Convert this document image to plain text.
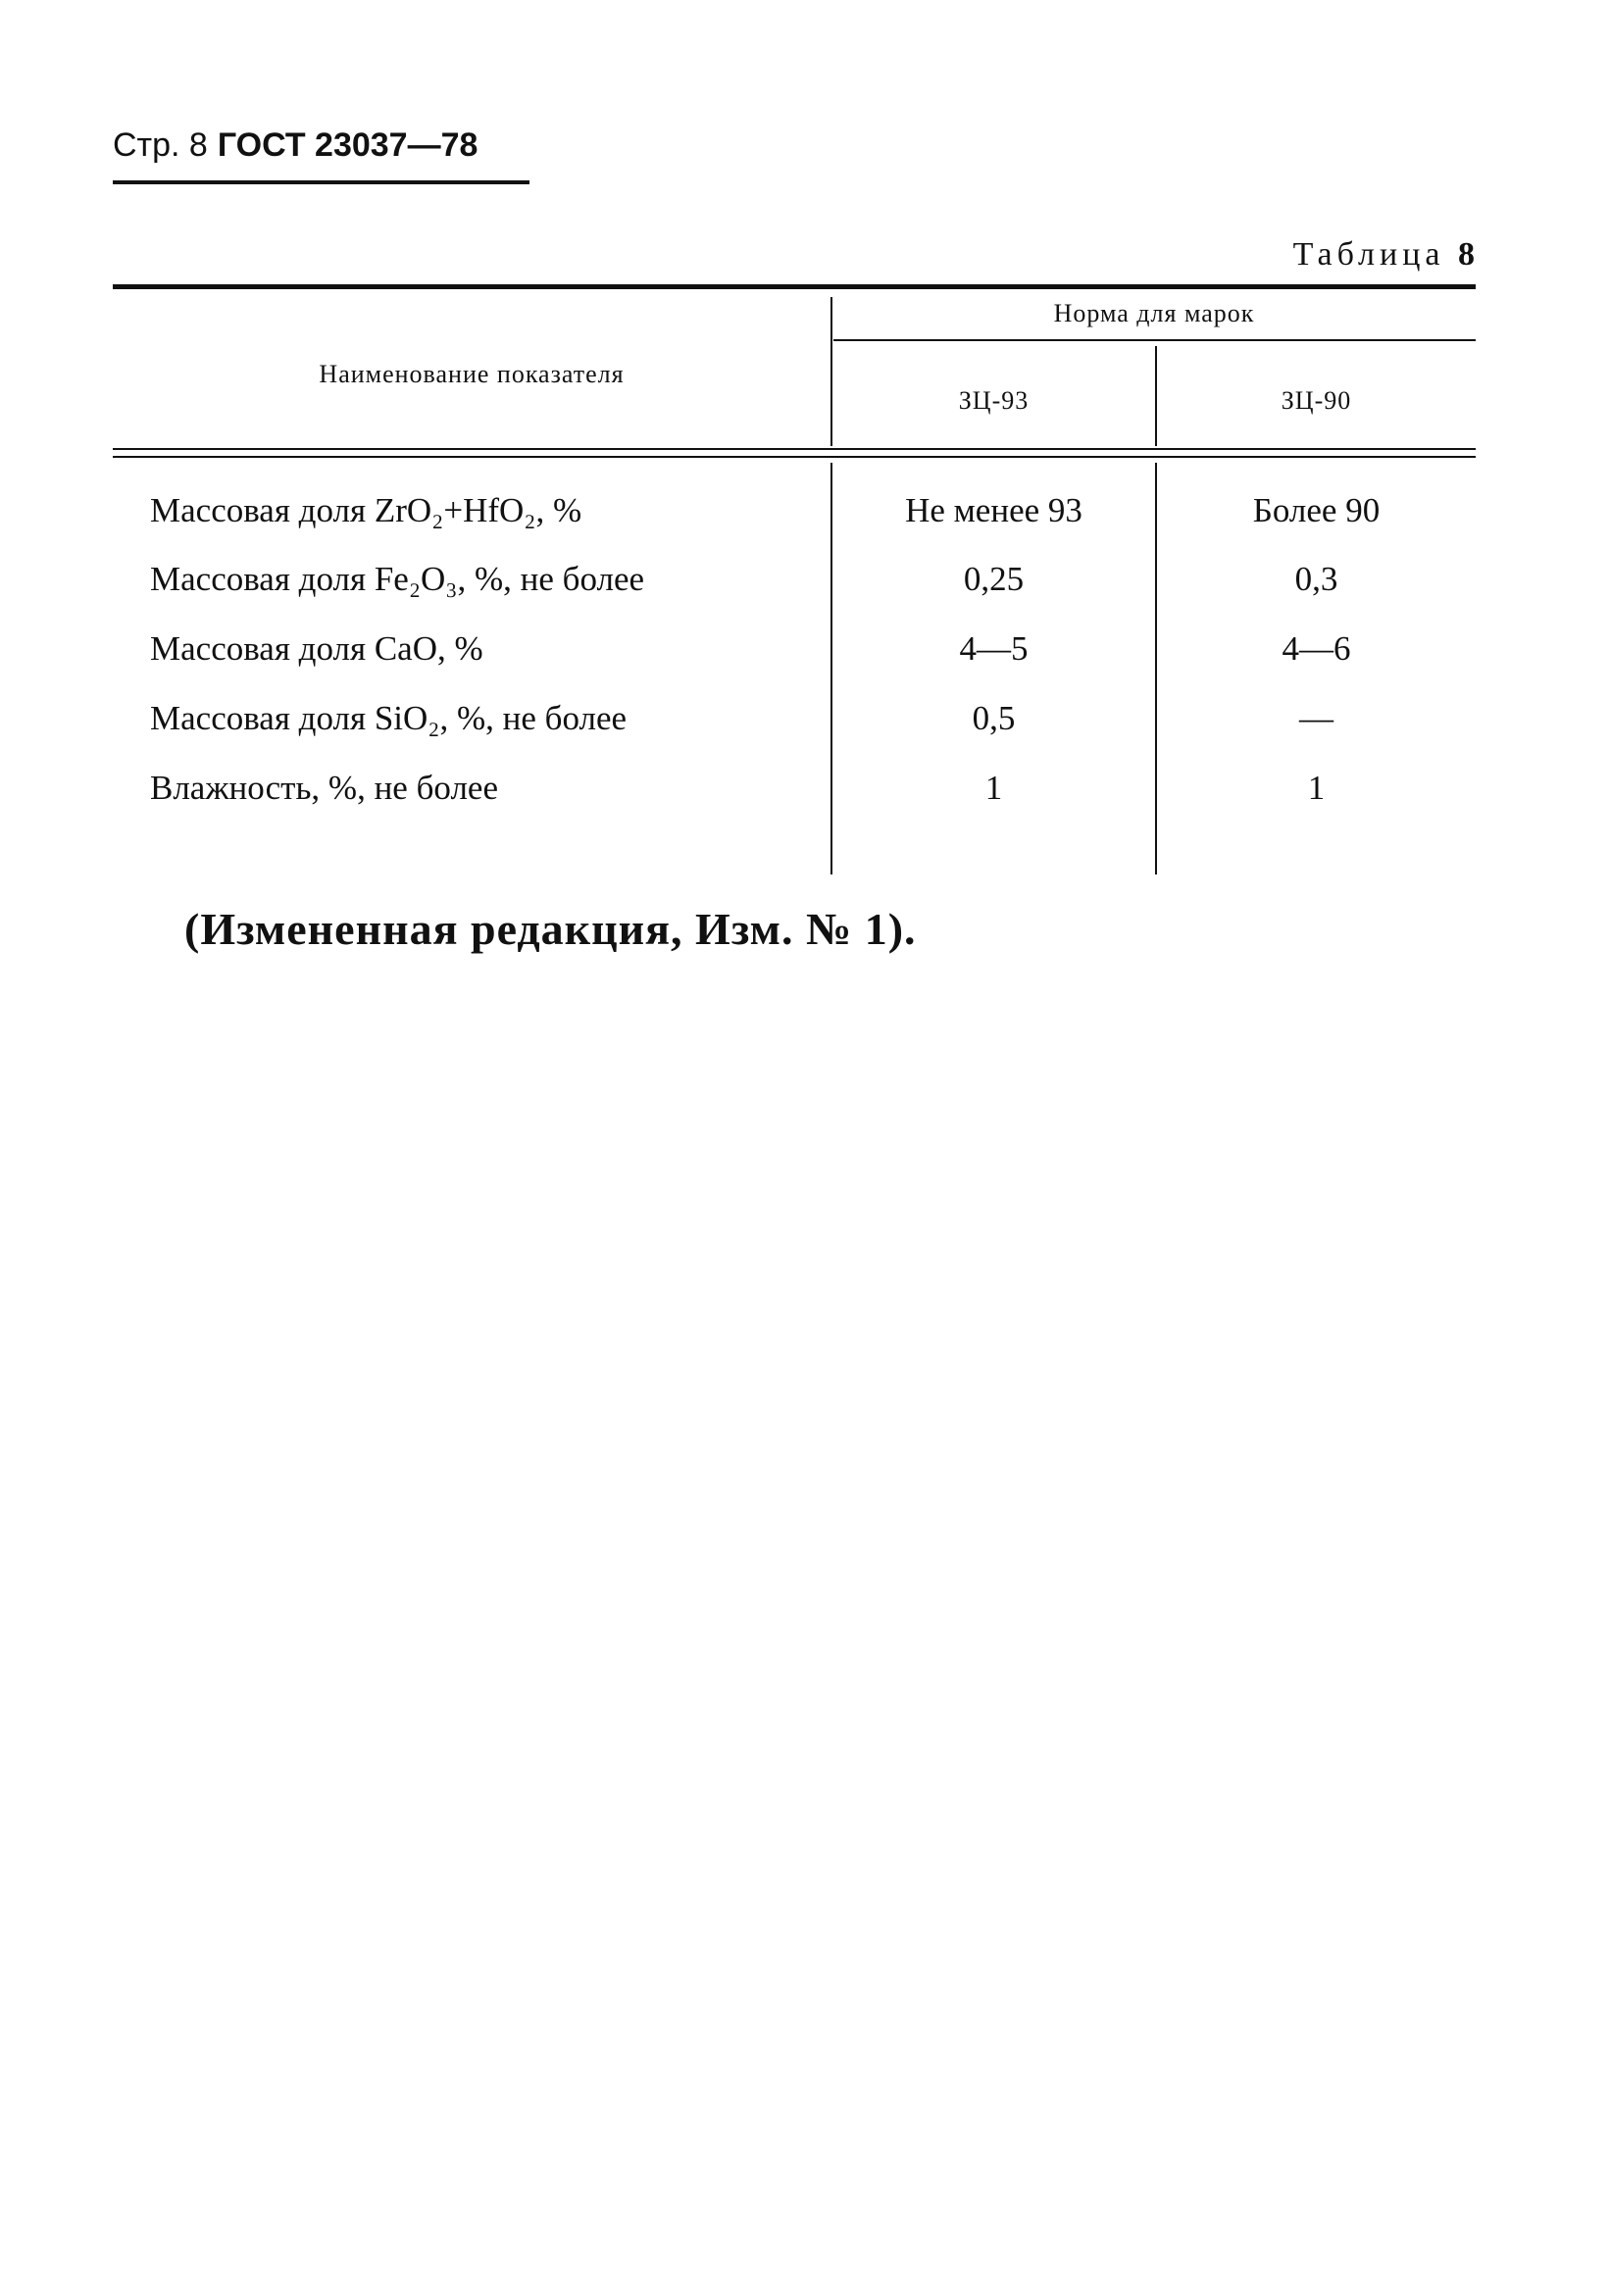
Стр. 8 ГОСТ 23037—78
Таблица 8
Наименование показателя
Норма для марок
ЗЦ-93	ЗЦ-90
Массовая доля ZrO₂+HfO₂, %	Не менее 93	Более 90
Массовая доля Fe₂O₃, %, не более	0,25	0,3
Массовая доля CaO, %	4—5	4—6
Массовая доля SiO₂, %, не более	0,5	—
Влажность, %, не более	1	1
(Измененная редакция, Изм. № 1).
